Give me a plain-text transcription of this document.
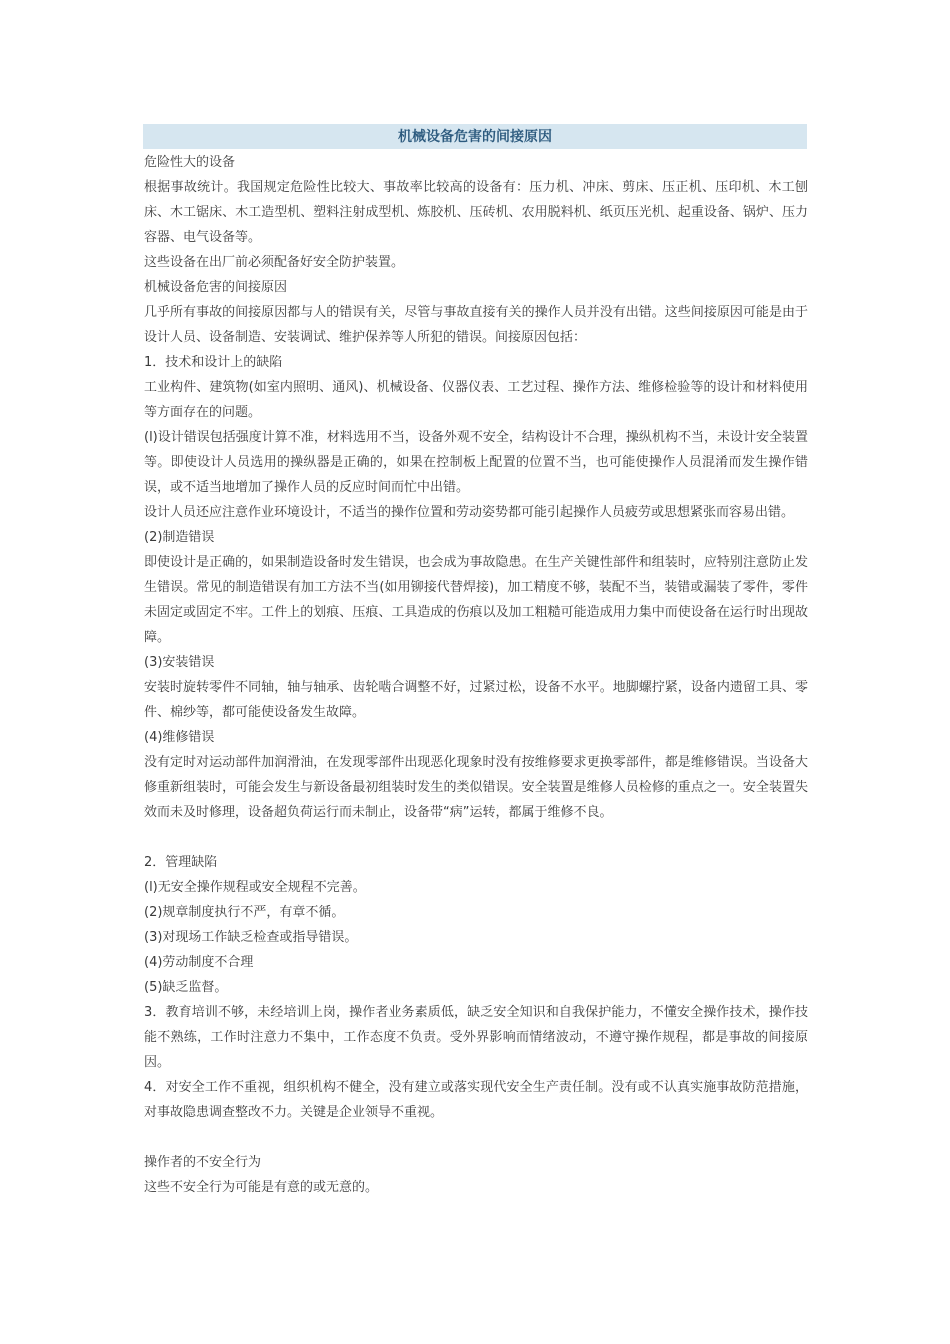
机械设备危害的间接原因

危险性大的设备

根据事故统计。我国规定危险性比较大、事故率比较高的设备有：压力机、冲床、剪床、压正机、压印机、木工刨床、木工锯床、木工造型机、塑料注射成型机、炼胶机、压砖机、农用脱料机、纸页压光机、起重设备、锅炉、压力容器、电气设备等。

这些设备在出厂前必须配备好安全防护装置。

机械设备危害的间接原因

几乎所有事故的间接原因都与人的错误有关，尽管与事故直接有关的操作人员并没有出错。这些间接原因可能是由于设计人员、设备制造、安装调试、维护保养等人所犯的错误。间接原因包括：

1．技术和设计上的缺陷

工业构件、建筑物(如室内照明、通风)、机械设备、仪器仪表、工艺过程、操作方法、维修检验等的设计和材料使用等方面存在的问题。

(l)设计错误包括强度计算不准，材料选用不当，设备外观不安全，结构设计不合理，操纵机构不当，未设计安全装置等。即使设计人员选用的操纵器是正确的，如果在控制板上配置的位置不当，也可能使操作人员混淆而发生操作错误，或不适当地增加了操作人员的反应时间而忙中出错。

设计人员还应注意作业环境设计，不适当的操作位置和劳动姿势都可能引起操作人员疲劳或思想紧张而容易出错。

(2)制造错误

即使设计是正确的，如果制造设备时发生错误，也会成为事故隐患。在生产关键性部件和组装时，应特别注意防止发生错误。常见的制造错误有加工方法不当(如用铆接代替焊接)，加工精度不够，装配不当，装错或漏装了零件，零件未固定或固定不牢。工件上的划痕、压痕、工具造成的伤痕以及加工粗糙可能造成用力集中而使设备在运行时出现故障。

(3)安装错误

安装时旋转零件不同轴，轴与轴承、齿轮啮合调整不好，过紧过松，设备不水平。地脚螺拧紧，设备内遗留工具、零件、棉纱等，都可能使设备发生故障。

(4)维修错误

没有定时对运动部件加润滑油，在发现零部件出现恶化现象时没有按维修要求更换零部件，都是维修错误。当设备大修重新组装时，可能会发生与新设备最初组装时发生的类似错误。安全装置是维修人员检修的重点之一。安全装置失效而未及时修理，设备超负荷运行而未制止，设备带“病”运转，都属于维修不良。

2．管理缺陷

(l)无安全操作规程或安全规程不完善。

(2)规章制度执行不严，有章不循。

(3)对现场工作缺乏检查或指导错误。

(4)劳动制度不合理

(5)缺乏监督。

3．教育培训不够，未经培训上岗，操作者业务素质低，缺乏安全知识和自我保护能力，不懂安全操作技术，操作技能不熟练，工作时注意力不集中，工作态度不负责。受外界影响而情绪波动，不遵守操作规程，都是事故的间接原因。

4．对安全工作不重视，组织机构不健全，没有建立或落实现代安全生产责任制。没有或不认真实施事故防范措施，对事故隐患调查整改不力。关键是企业领导不重视。

操作者的不安全行为

这些不安全行为可能是有意的或无意的。
